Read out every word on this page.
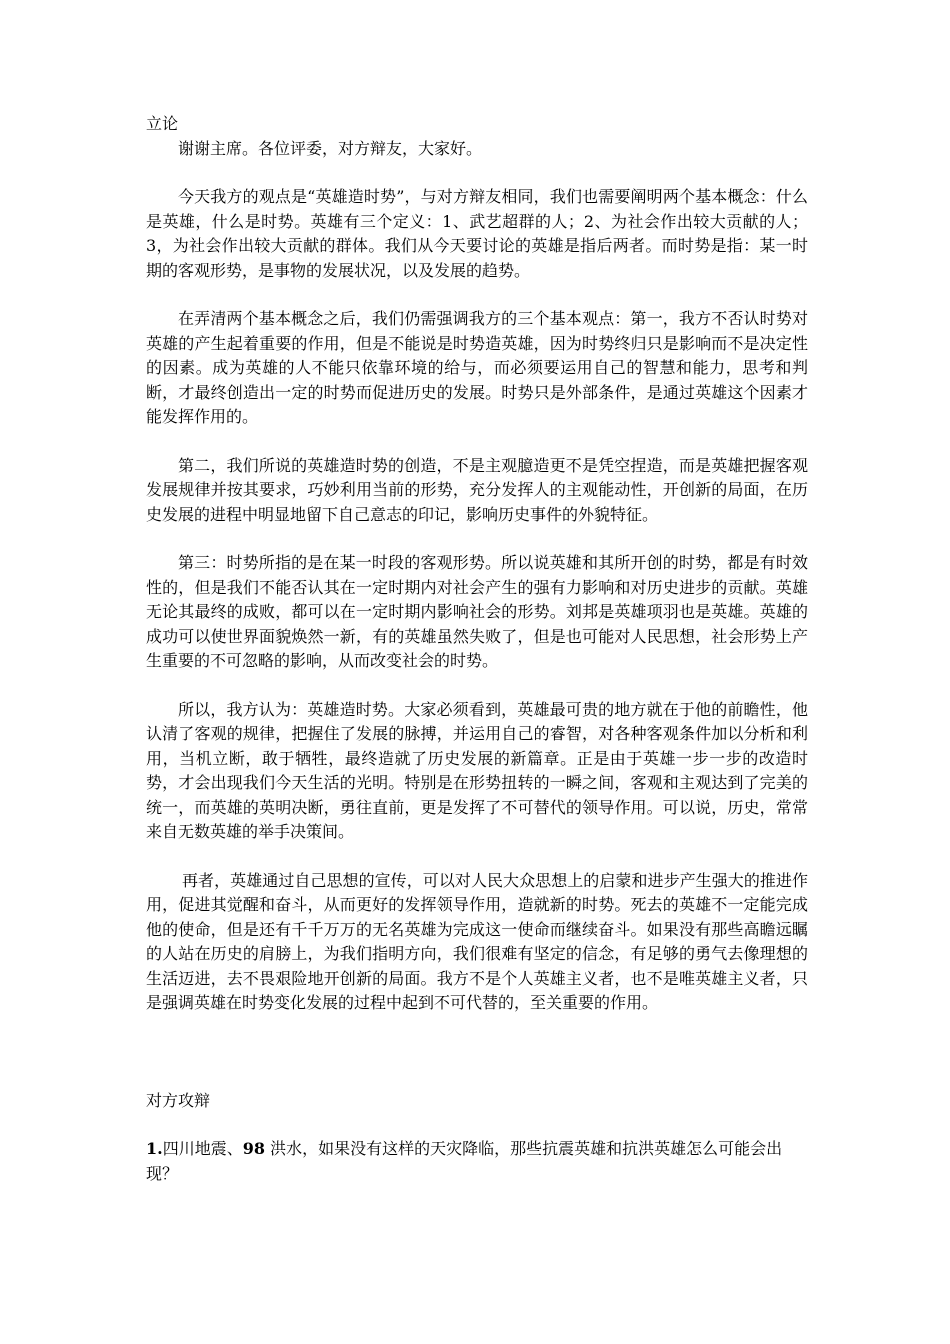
立论

谢谢主席。各位评委，对方辩友，大家好。

今天我方的观点是“英雄造时势”，与对方辩友相同，我们也需要阐明两个基本概念：什么是英雄，什么是时势。英雄有三个定义：1、武艺超群的人；2、为社会作出较大贡献的人；3，为社会作出较大贡献的群体。我们从今天要讨论的英雄是指后两者。而时势是指：某一时期的客观形势，是事物的发展状况，以及发展的趋势。

在弄清两个基本概念之后，我们仍需强调我方的三个基本观点：第一，我方不否认时势对英雄的产生起着重要的作用，但是不能说是时势造英雄，因为时势终归只是影响而不是决定性的因素。成为英雄的人不能只依靠环境的给与，而必须要运用自己的智慧和能力，思考和判断，才最终创造出一定的时势而促进历史的发展。时势只是外部条件，是通过英雄这个因素才能发挥作用的。

第二，我们所说的英雄造时势的创造，不是主观臆造更不是凭空捏造，而是英雄把握客观发展规律并按其要求，巧妙利用当前的形势，充分发挥人的主观能动性，开创新的局面，在历史发展的进程中明显地留下自己意志的印记，影响历史事件的外貌特征。

第三：时势所指的是在某一时段的客观形势。所以说英雄和其所开创的时势，都是有时效性的，但是我们不能否认其在一定时期内对社会产生的强有力影响和对历史进步的贡献。英雄无论其最终的成败，都可以在一定时期内影响社会的形势。刘邦是英雄项羽也是英雄。英雄的成功可以使世界面貌焕然一新，有的英雄虽然失败了，但是也可能对人民思想，社会形势上产生重要的不可忽略的影响，从而改变社会的时势。

所以，我方认为：英雄造时势。大家必须看到，英雄最可贵的地方就在于他的前瞻性，他认清了客观的规律，把握住了发展的脉搏，并运用自己的睿智，对各种客观条件加以分析和利用，当机立断，敢于牺牲，最终造就了历史发展的新篇章。正是由于英雄一步一步的改造时势，才会出现我们今天生活的光明。特别是在形势扭转的一瞬之间，客观和主观达到了完美的统一，而英雄的英明决断，勇往直前，更是发挥了不可替代的领导作用。可以说，历史，常常来自无数英雄的举手决策间。

再者，英雄通过自己思想的宣传，可以对人民大众思想上的启蒙和进步产生强大的推进作用，促进其觉醒和奋斗，从而更好的发挥领导作用，造就新的时势。死去的英雄不一定能完成他的使命，但是还有千千万万的无名英雄为完成这一使命而继续奋斗。如果没有那些高瞻远瞩的人站在历史的肩膀上，为我们指明方向，我们很难有坚定的信念，有足够的勇气去像理想的生活迈进，去不畏艰险地开创新的局面。我方不是个人英雄主义者，也不是唯英雄主义者，只是强调英雄在时势变化发展的过程中起到不可代替的，至关重要的作用。

对方攻辩

1.四川地震、98 洪水，如果没有这样的天灾降临，那些抗震英雄和抗洪英雄怎么可能会出现？
